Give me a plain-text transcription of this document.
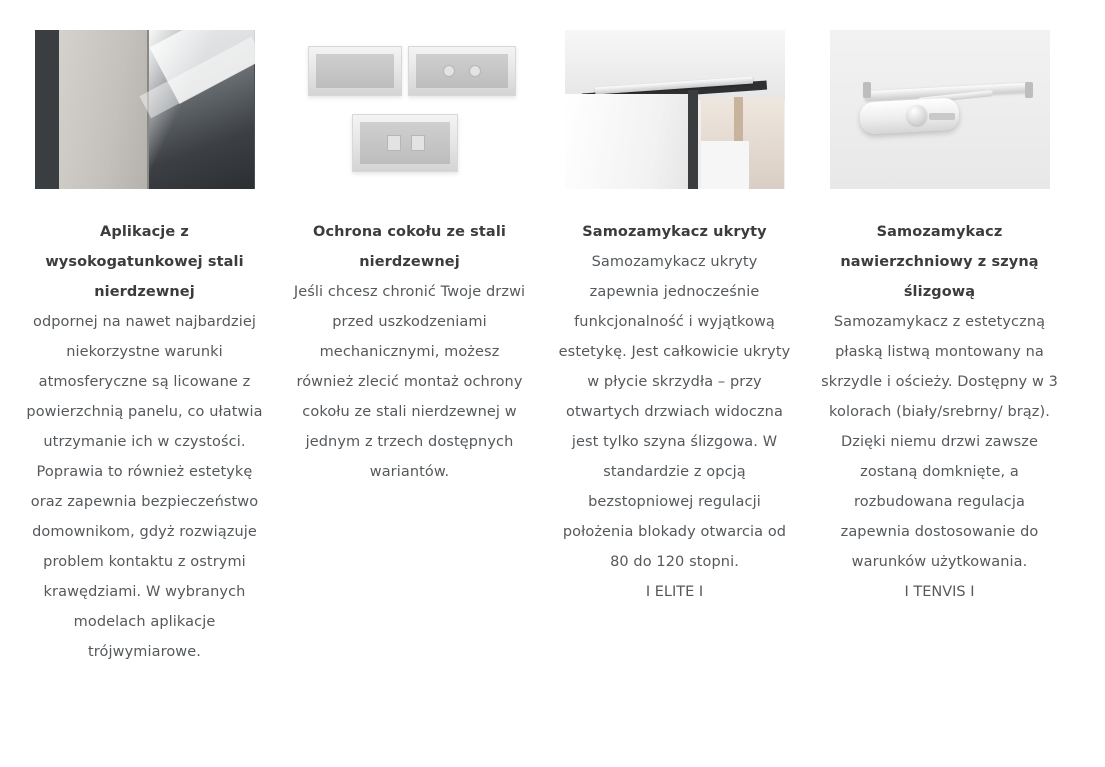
Aplikacje z wysokogatunkowej stali nierdzewnej
odpornej na nawet najbardziej niekorzystne warunki atmosferyczne są licowane z powierzchnią panelu, co ułatwia utrzymanie ich w czystości. Poprawia to również estetykę oraz zapewnia bezpieczeństwo domownikom, gdyż rozwiązuje problem kontaktu z ostrymi krawędziami. W wybranych modelach aplikacje trójwymiarowe.
Ochrona cokołu ze stali nierdzewnej
Jeśli chcesz chronić Twoje drzwi przed uszkodzeniami mechanicznymi, możesz również zlecić montaż ochrony cokołu ze stali nierdzewnej w jednym z trzech dostępnych wariantów.
Samozamykacz ukryty
Samozamykacz ukryty zapewnia jednocześnie funkcjonalność i wyjątkową estetykę. Jest całkowicie ukryty w płycie skrzydła – przy otwartych drzwiach widoczna jest tylko szyna ślizgowa. W standardzie z opcją bezstopniowej regulacji położenia blokady otwarcia od 80 do 120 stopni.
I ELITE I
Samozamykacz nawierzchniowy z szyną ślizgową
Samozamykacz z estetyczną płaską listwą montowany na skrzydle i ościeży. Dostępny w 3 kolorach (biały/srebrny/ brąz). Dzięki niemu drzwi zawsze zostaną domknięte, a rozbudowana regulacja zapewnia dostosowanie do warunków użytkowania.
I TENVIS I
